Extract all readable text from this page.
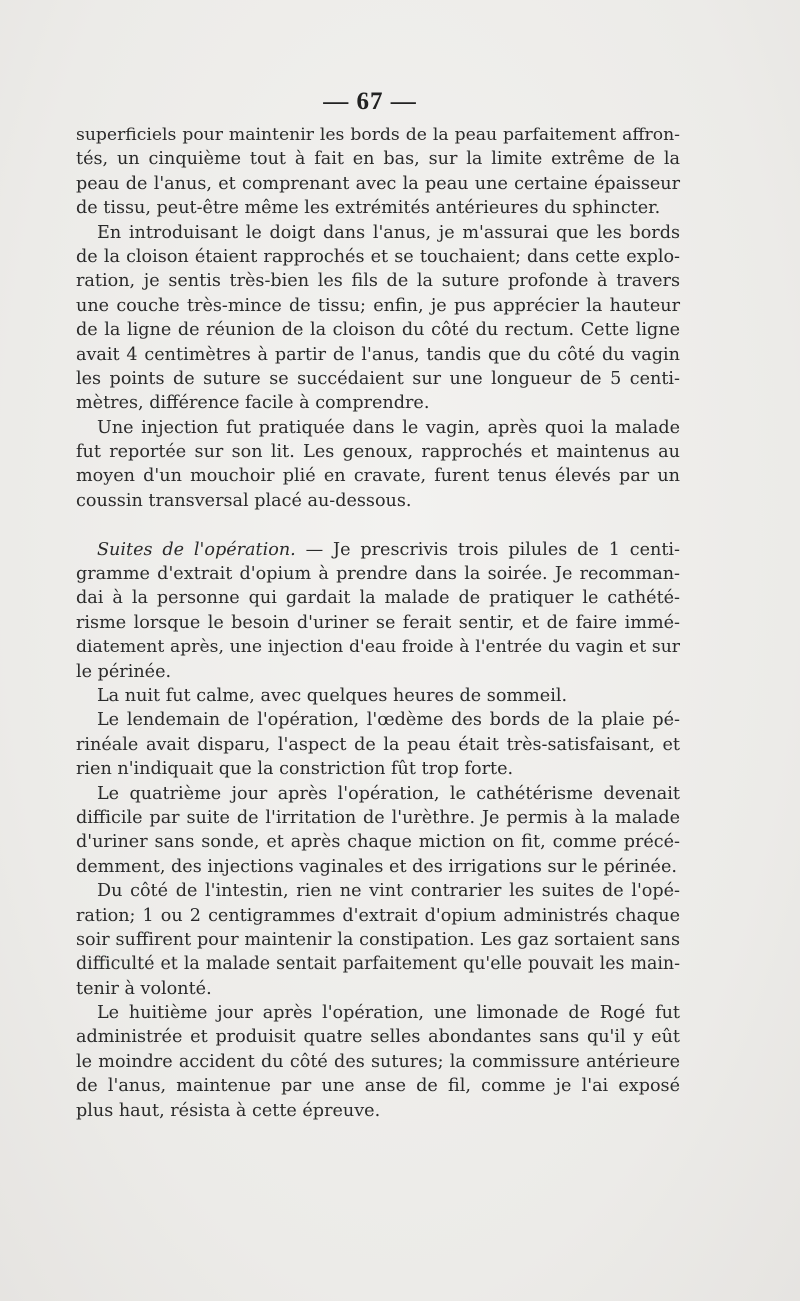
— 67 —
superficiels pour maintenir les bords de la peau parfaitement affron-
tés, un cinquième tout à fait en bas, sur la limite extrême de la
peau de l'anus, et comprenant avec la peau une certaine épaisseur
de tissu, peut-être même les extrémités antérieures du sphincter.
En introduisant le doigt dans l'anus, je m'assurai que les bords
de la cloison étaient rapprochés et se touchaient; dans cette explo-
ration, je sentis très-bien les fils de la suture profonde à travers
une couche très-mince de tissu; enfin, je pus apprécier la hauteur
de la ligne de réunion de la cloison du côté du rectum. Cette ligne
avait 4 centimètres à partir de l'anus, tandis que du côté du vagin
les points de suture se succédaient sur une longueur de 5 centi-
mètres, différence facile à comprendre.
Une injection fut pratiquée dans le vagin, après quoi la malade
fut reportée sur son lit. Les genoux, rapprochés et maintenus au
moyen d'un mouchoir plié en cravate, furent tenus élevés par un
coussin transversal placé au-dessous.
Suites de l'opération. — Je prescrivis trois pilules de 1 centi-
gramme d'extrait d'opium à prendre dans la soirée. Je recomman-
dai à la personne qui gardait la malade de pratiquer le cathété-
risme lorsque le besoin d'uriner se ferait sentir, et de faire immé-
diatement après, une injection d'eau froide à l'entrée du vagin et sur
le périnée.
La nuit fut calme, avec quelques heures de sommeil.
Le lendemain de l'opération, l'œdème des bords de la plaie pé-
rinéale avait disparu, l'aspect de la peau était très-satisfaisant, et
rien n'indiquait que la constriction fût trop forte.
Le quatrième jour après l'opération, le cathétérisme devenait
difficile par suite de l'irritation de l'urèthre. Je permis à la malade
d'uriner sans sonde, et après chaque miction on fit, comme précé-
demment, des injections vaginales et des irrigations sur le périnée.
Du côté de l'intestin, rien ne vint contrarier les suites de l'opé-
ration; 1 ou 2 centigrammes d'extrait d'opium administrés chaque
soir suffirent pour maintenir la constipation. Les gaz sortaient sans
difficulté et la malade sentait parfaitement qu'elle pouvait les main-
tenir à volonté.
Le huitième jour après l'opération, une limonade de Rogé fut
administrée et produisit quatre selles abondantes sans qu'il y eût
le moindre accident du côté des sutures; la commissure antérieure
de l'anus, maintenue par une anse de fil, comme je l'ai exposé
plus haut, résista à cette épreuve.
